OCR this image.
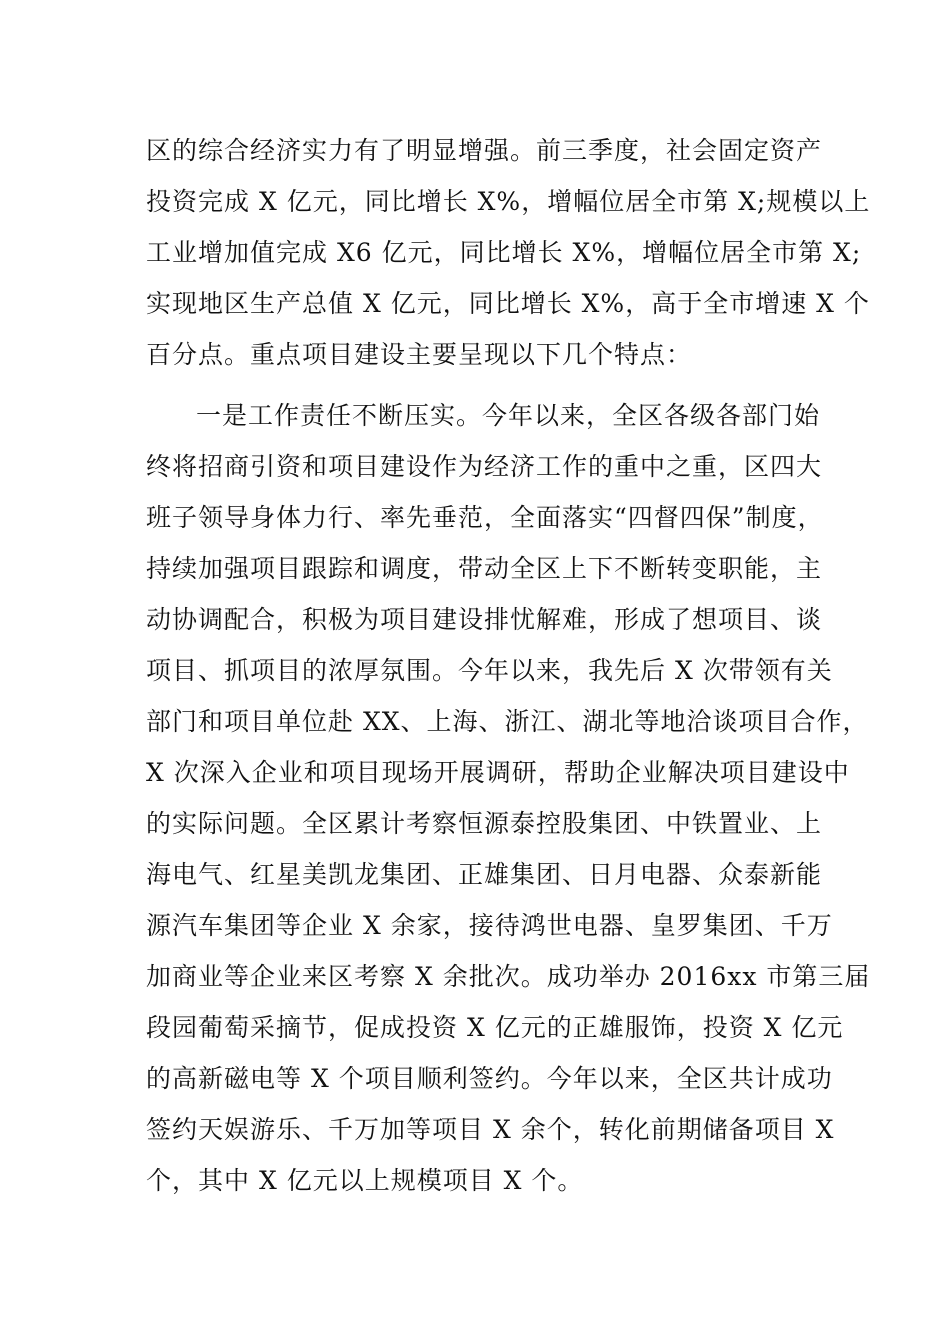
区的综合经济实力有了明显增强。前三季度，社会固定资产
投资完成 X 亿元，同比增长 X%，增幅位居全市第 X;规模以上
工业增加值完成 X6 亿元，同比增长 X%，增幅位居全市第 X;
实现地区生产总值 X 亿元，同比增长 X%，高于全市增速 X 个
百分点。重点项目建设主要呈现以下几个特点：
一是工作责任不断压实。今年以来，全区各级各部门始
终将招商引资和项目建设作为经济工作的重中之重，区四大
班子领导身体力行、率先垂范，全面落实“四督四保”制度，
持续加强项目跟踪和调度，带动全区上下不断转变职能，主
动协调配合，积极为项目建设排忧解难，形成了想项目、谈
项目、抓项目的浓厚氛围。今年以来，我先后 X 次带领有关
部门和项目单位赴 XX、上海、浙江、湖北等地洽谈项目合作，
X 次深入企业和项目现场开展调研，帮助企业解决项目建设中
的实际问题。全区累计考察恒源泰控股集团、中铁置业、上
海电气、红星美凯龙集团、正雄集团、日月电器、众泰新能
源汽车集团等企业 X 余家，接待鸿世电器、皇罗集团、千万
加商业等企业来区考察 X 余批次。成功举办 2016xx 市第三届
段园葡萄采摘节，促成投资 X 亿元的正雄服饰，投资 X 亿元
的高新磁电等 X 个项目顺利签约。今年以来，全区共计成功
签约天娱游乐、千万加等项目 X 余个，转化前期储备项目 X
个，其中 X 亿元以上规模项目 X 个。
